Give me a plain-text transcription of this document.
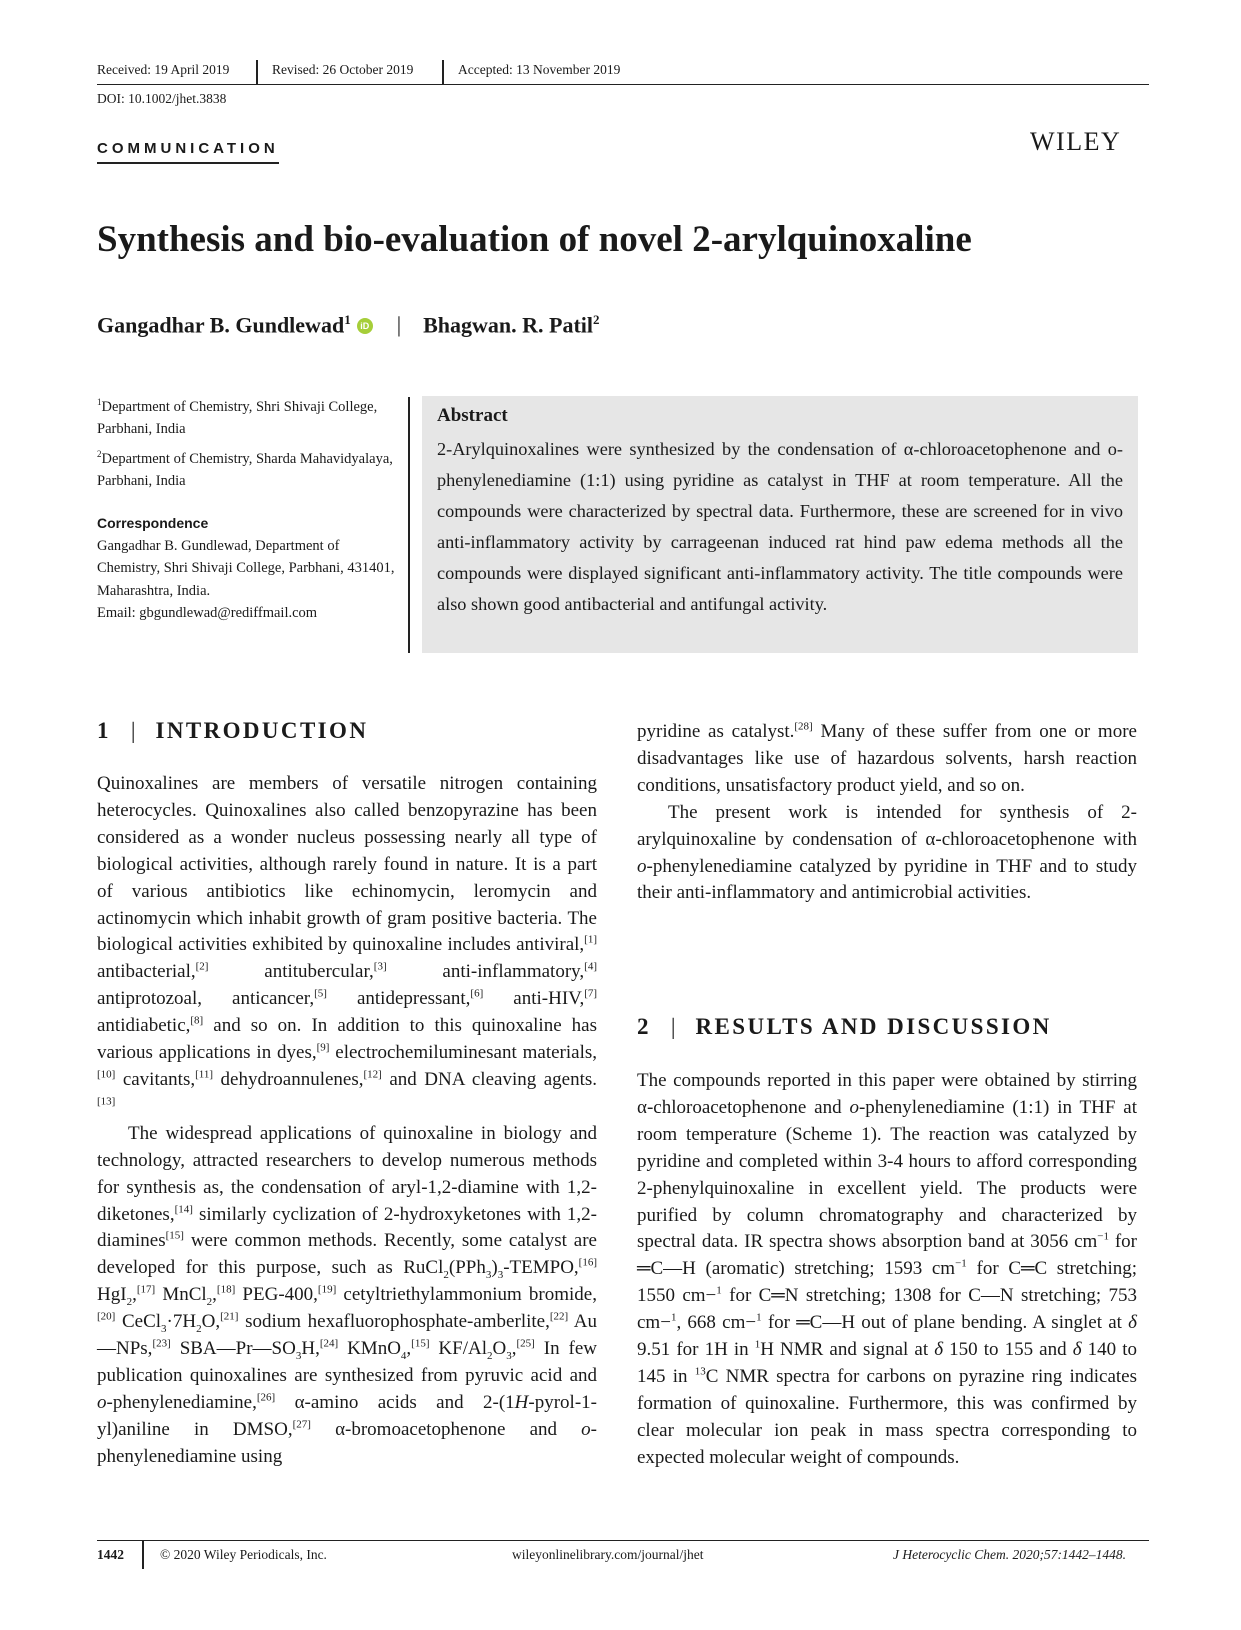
Received: 19 April 2019	Revised: 26 October 2019	Accepted: 13 November 2019
DOI: 10.1002/jhet.3838
COMMUNICATION	WILEY
Synthesis and bio-evaluation of novel 2-arylquinoxaline
Gangadhar B. Gundlewad$^1$ iD | Bhagwan. R. Patil$^2$
$^1$Department of Chemistry, Shri Shivaji College, Parbhani, India
$^2$Department of Chemistry, Sharda Mahavidyalaya, Parbhani, India
Correspondence
Gangadhar B. Gundlewad, Department of Chemistry, Shri Shivaji College, Parbhani, 431401, Maharashtra, India.
Email: gbgundlewad@rediffmail.com
Abstract
2-Arylquinoxalines were synthesized by the condensation of α-chloroacetophenone and o-phenylenediamine (1:1) using pyridine as catalyst in THF at room temperature. All the compounds were characterized by spectral data. Furthermore, these are screened for in vivo anti-inflammatory activity by carrageenan induced rat hind paw edema methods all the compounds were displayed significant anti-inflammatory activity. The title compounds were also shown good antibacterial and antifungal activity.
1 | INTRODUCTION

Quinoxalines are members of versatile nitrogen containing heterocycles. Quinoxalines also called benzopyrazine has been considered as a wonder nucleus possessing nearly all type of biological activities, although rarely found in nature. It is a part of various antibiotics like echinomycin, leromycin and actinomycin which inhabit growth of gram positive bacteria. The biological activities exhibited by quinoxaline includes antiviral,[1] antibacterial,[2] antitubercular,[3] anti-inflammatory,[4] antiprotozoal, anticancer,[5] antidepressant,[6] anti-HIV,[7] antidiabetic,[8] and so on. In addition to this quinoxaline has various applications in dyes,[9] electrochemiluminesant materials,[10] cavitants,[11] dehydroannulenes,[12] and DNA cleaving agents.[13]

The widespread applications of quinoxaline in biology and technology, attracted researchers to develop numerous methods for synthesis as, the condensation of aryl-1,2-diamine with 1,2-diketones,[14] similarly cyclization of 2-hydroxyketones with 1,2-diamines[15] were common methods. Recently, some catalyst are developed for this purpose, such as $RuCl_2(PPh_3)_3-TEMPO,[16]$ HgI$_2$,[17] MnCl$_2$,[18] PEG-400,[19] cetyltriethylammonium bromide,[20] $CeCl_3\cdot 7H_2O,[21]$ sodium hexafluorophosphate-amberlite,[22] Au—NPs,[23] $SBA—Pr—SO_3H,[24]$ KMnO$_4$,[15] $KF/Al_2O_3,[25]$ In few publication quinoxalines are synthesized from pyruvic acid and o-phenylenediamine,[26] α-amino acids and 2-(1H-pyrol-1-yl)aniline in DMSO,[27] α-bromoacetophenone and o-phenylenediamine using

pyridine as catalyst.[28] Many of these suffer from one or more disadvantages like use of hazardous solvents, harsh reaction conditions, unsatisfactory product yield, and so on.

The present work is intended for synthesis of 2-arylquinoxaline by condensation of α-chloroacetophenone with o-phenylenediamine catalyzed by pyridine in THF and to study their anti-inflammatory and antimicrobial activities.

2 | RESULTS AND DISCUSSION

The compounds reported in this paper were obtained by stirring α-chloroacetophenone and o-phenylenediamine (1:1) in THF at room temperature (Scheme 1). The reaction was catalyzed by pyridine and completed within 3-4 hours to afford corresponding 2-phenylquinoxaline in excellent yield. The products were purified by column chromatography and characterized by spectral data. IR spectra shows absorption band at 3056 $cm^{-1}$ for ═C—H (aromatic) stretching; 1593 $cm^{-1}$ for C═C stretching; 1550 cm−$^1$ for C═N stretching; 1308 for C—N stretching; 753 cm−$^1$, 668 cm−$^1$ for ═C—H out of plane bending. A singlet at δ 9.51 for 1H in $^1$H NMR and signal at δ 150 to 155 and δ 140 to 145 in $^{13}$C NMR spectra for carbons on pyrazine ring indicates formation of quinoxaline. Furthermore, this was confirmed by clear molecular ion peak in mass spectra corresponding to expected molecular weight of compounds.

1442	© 2020 Wiley Periodicals, Inc.	wileyonlinelibrary.com/journal/jhet	J Heterocyclic Chem. 2020;57:1442–1448.
